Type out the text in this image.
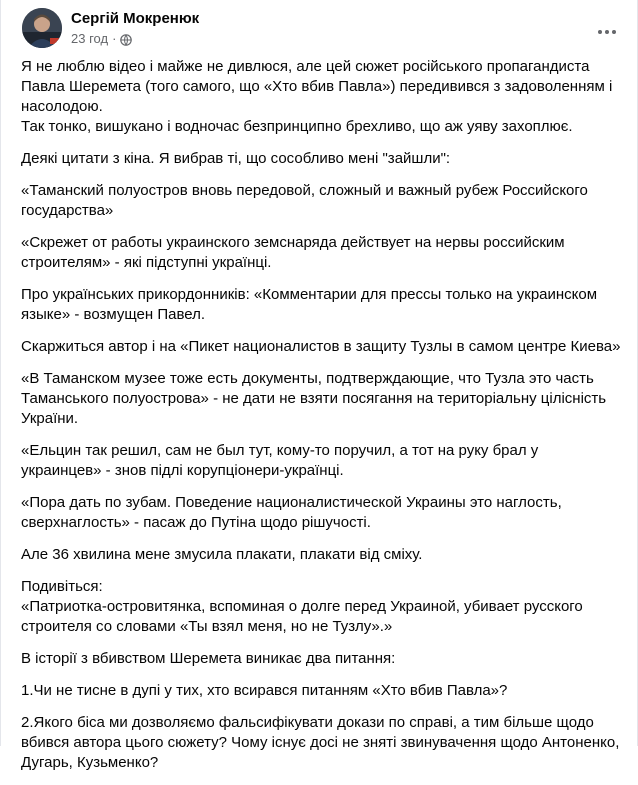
Сергій Мокренюк
23 год ·

Я не люблю відео і майже не дивлюся, але цей сюжет російського пропагандиста Павла Шеремета (того самого, що «Хто вбив Павла») передивився з задоволенням і насолодою.
Так тонко, вишукано і водночас безпринципно брехливо, що аж уяву захоплює.

Деякі цитати з кіна. Я вибрав ті, що сособливо мені "зайшли":

«Таманский полуостров вновь передовой, сложный и важный рубеж Российского государства»

«Скрежет от работы украинского земснаряда действует на нервы российским строителям» - які підступні українці.

Про українських прикордонників: «Комментарии для прессы только на украинском языке» - возмущен Павел.

Скаржиться автор і на «Пикет националистов в защиту Тузлы в самом центре Киева»

«В Таманском музее тоже есть документы, подтверждающие, что Тузла это часть Таманського полуострова» - не дати не взяти посягання на територіальну цілісність України.

«Ельцин так решил, сам не был тут, кому-то поручил, а тот на руку брал у украинцев» - знов підлі корупціонери-українці.

«Пора дать по зубам. Поведение националистической Украины это наглость, сверхнаглость» - пасаж до Путіна щодо рішучості.

Але 36 хвилина мене змусила плакати, плакати від сміху.

Подивіться:
«Патриотка-островитянка, вспоминая о долге перед Украиной, убивает русского строителя со словами «Ты взял меня, но не Тузлу».»

В історії з вбивством Шеремета виникає два питання:

1.Чи не тисне в дупі у тих, хто всирався питанням «Хто вбив Павла»?

2.Якого біса ми дозволяємо фальсифікувати докази по справі, а тим більше щодо вбився автора цього сюжету? Чому існує досі не зняті звинувачення щодо Антоненко, Дугарь, Кузьменко?
